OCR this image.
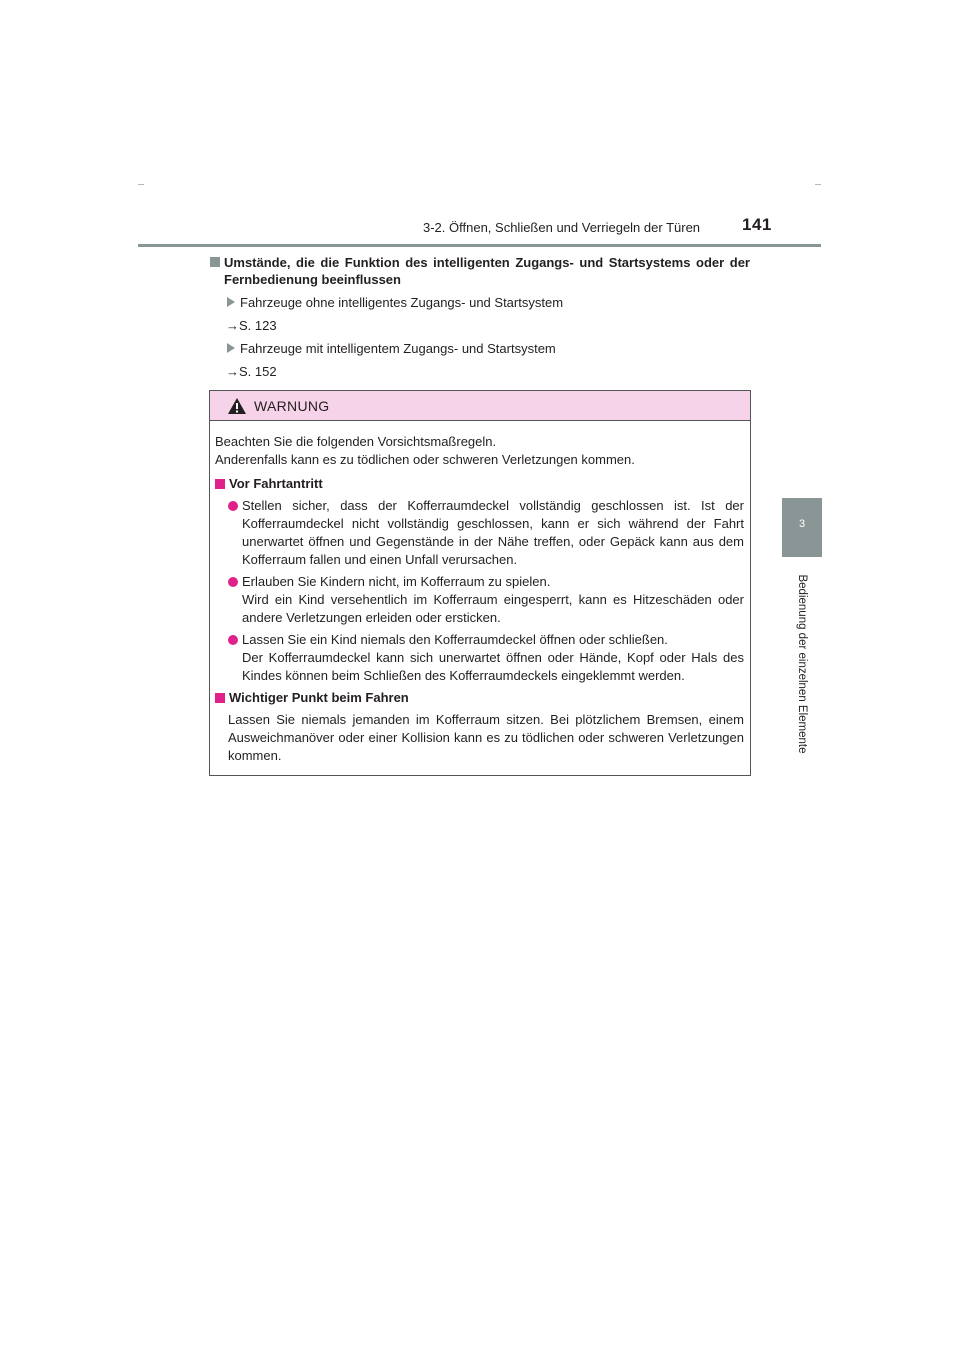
3-2. Öffnen, Schließen und Verriegeln der Türen 141
3
Bedienung der einzelnen Elemente
Umstände, die die Funktion des intelligenten Zugangs- und Startsystems oder der Fernbedienung beeinflussen
Fahrzeuge ohne intelligentes Zugangs- und Startsystem
→S. 123
Fahrzeuge mit intelligentem Zugangs- und Startsystem
→S. 152
WARNUNG
Beachten Sie die folgenden Vorsichtsmaßregeln.
Anderenfalls kann es zu tödlichen oder schweren Verletzungen kommen.
Vor Fahrtantritt
Stellen sicher, dass der Kofferraumdeckel vollständig geschlossen ist. Ist der Kofferraumdeckel nicht vollständig geschlossen, kann er sich während der Fahrt unerwartet öffnen und Gegenstände in der Nähe treffen, oder Gepäck kann aus dem Kofferraum fallen und einen Unfall verursachen.
Erlauben Sie Kindern nicht, im Kofferraum zu spielen.
Wird ein Kind versehentlich im Kofferraum eingesperrt, kann es Hitzeschäden oder andere Verletzungen erleiden oder ersticken.
Lassen Sie ein Kind niemals den Kofferraumdeckel öffnen oder schließen.
Der Kofferraumdeckel kann sich unerwartet öffnen oder Hände, Kopf oder Hals des Kindes können beim Schließen des Kofferraumdeckels eingeklemmt werden.
Wichtiger Punkt beim Fahren
Lassen Sie niemals jemanden im Kofferraum sitzen. Bei plötzlichem Bremsen, einem Ausweichmanöver oder einer Kollision kann es zu tödlichen oder schweren Verletzungen kommen.
